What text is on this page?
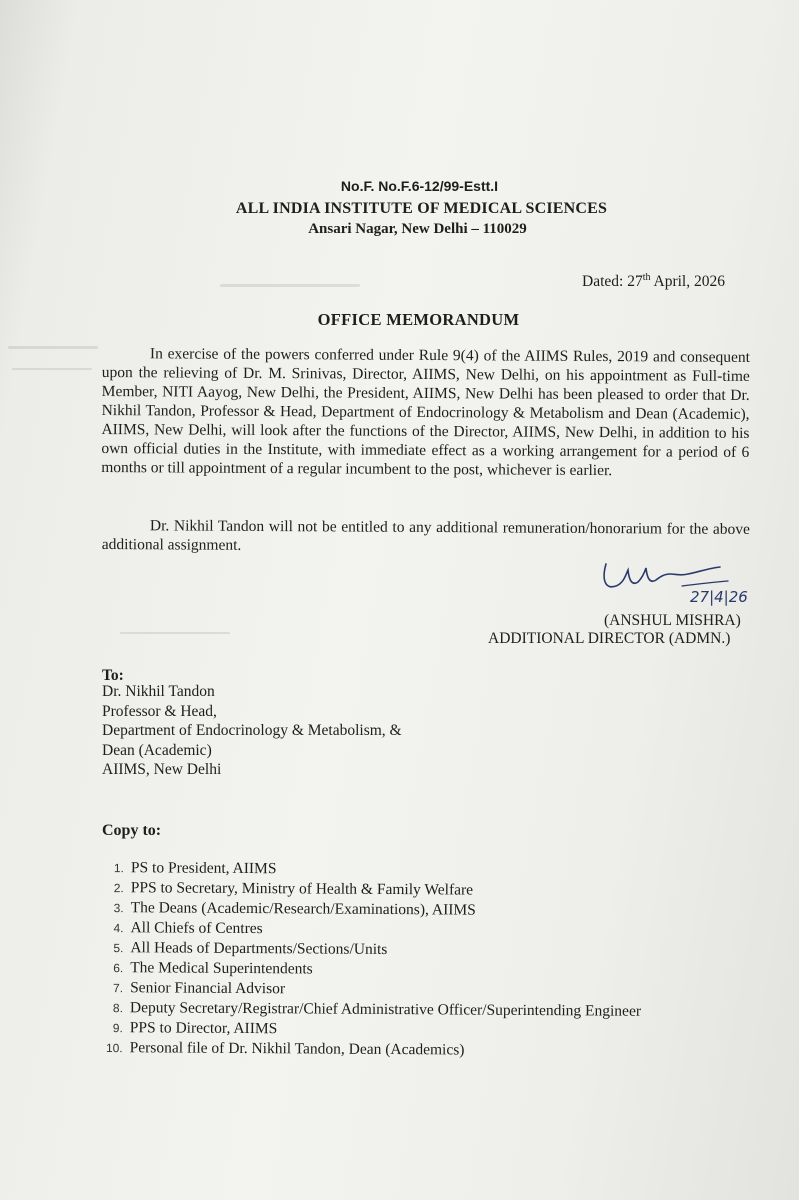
No.F. No.F.6-12/99-Estt.I
ALL INDIA INSTITUTE OF MEDICAL SCIENCES
Ansari Nagar, New Delhi – 110029
Dated: 27th April, 2026
OFFICE MEMORANDUM
In exercise of the powers conferred under Rule 9(4) of the AIIMS Rules, 2019 and consequent upon the relieving of Dr. M. Srinivas, Director, AIIMS, New Delhi, on his appointment as Full-time Member, NITI Aayog, New Delhi, the President, AIIMS, New Delhi has been pleased to order that Dr. Nikhil Tandon, Professor & Head, Department of Endocrinology & Metabolism and Dean (Academic), AIIMS, New Delhi, will look after the functions of the Director, AIIMS, New Delhi, in addition to his own official duties in the Institute, with immediate effect as a working arrangement for a period of 6 months or till appointment of a regular incumbent to the post, whichever is earlier.
Dr. Nikhil Tandon will not be entitled to any additional remuneration/honorarium for the above additional assignment.
27|4|26
(ANSHUL MISHRA)
ADDITIONAL DIRECTOR (ADMN.)
To:
Dr. Nikhil Tandon
Professor & Head,
Department of Endocrinology & Metabolism, &
Dean (Academic)
AIIMS, New Delhi
Copy to:
1. PS to President, AIIMS
2. PPS to Secretary, Ministry of Health & Family Welfare
3. The Deans (Academic/Research/Examinations), AIIMS
4. All Chiefs of Centres
5. All Heads of Departments/Sections/Units
6. The Medical Superintendents
7. Senior Financial Advisor
8. Deputy Secretary/Registrar/Chief Administrative Officer/Superintending Engineer
9. PPS to Director, AIIMS
10. Personal file of Dr. Nikhil Tandon, Dean (Academics)
